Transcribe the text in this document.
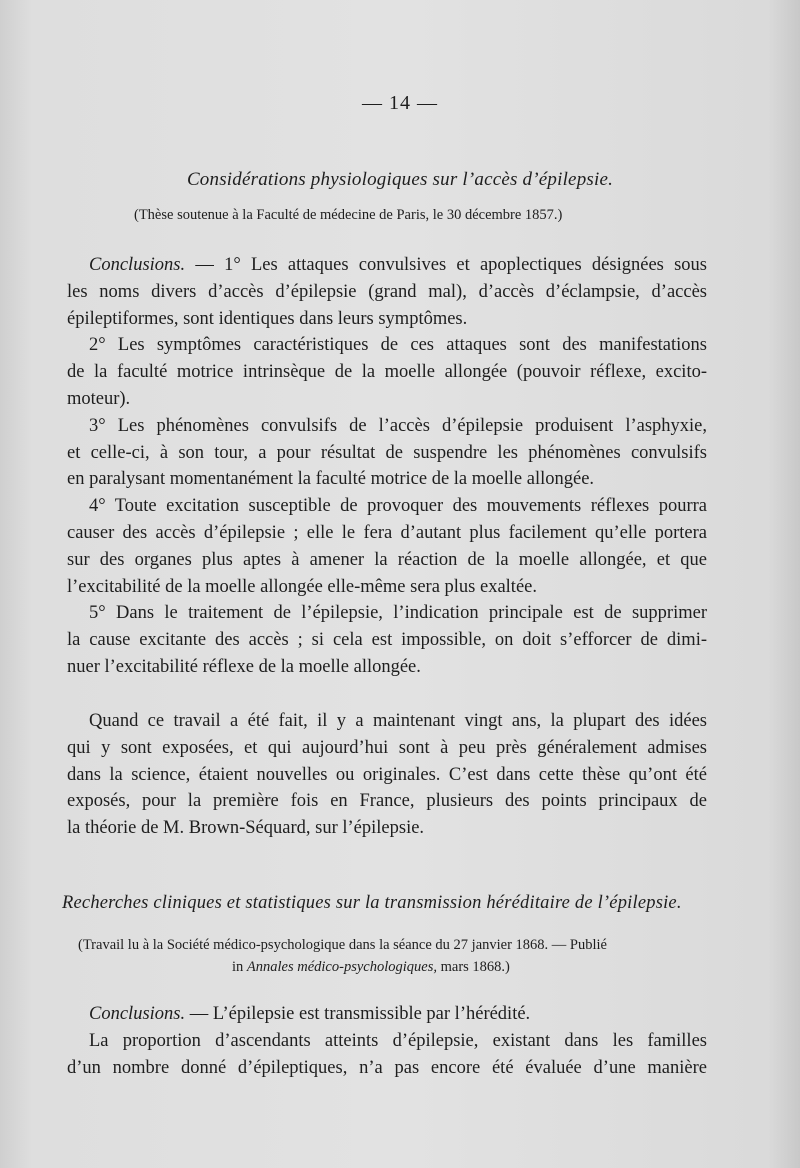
— 14 —
Considérations physiologiques sur l’accès d’épilepsie.
(Thèse soutenue à la Faculté de médecine de Paris, le 30 décembre 1857.)
Conclusions. — 1° Les attaques convulsives et apoplectiques désignées sous
les noms divers d’accès d’épilepsie (grand mal), d’accès d’éclampsie, d’accès
épileptiformes, sont identiques dans leurs symptômes.
2° Les symptômes caractéristiques de ces attaques sont des manifestations
de la faculté motrice intrinsèque de la moelle allongée (pouvoir réflexe, excito-
moteur).
3° Les phénomènes convulsifs de l’accès d’épilepsie produisent l’asphyxie,
et celle-ci, à son tour, a pour résultat de suspendre les phénomènes convulsifs
en paralysant momentanément la faculté motrice de la moelle allongée.
4° Toute excitation susceptible de provoquer des mouvements réflexes pourra
causer des accès d’épilepsie ; elle le fera d’autant plus facilement qu’elle portera
sur des organes plus aptes à amener la réaction de la moelle allongée, et que
l’excitabilité de la moelle allongée elle-même sera plus exaltée.
5° Dans le traitement de l’épilepsie, l’indication principale est de supprimer
la cause excitante des accès ; si cela est impossible, on doit s’efforcer de dimi-
nuer l’excitabilité réflexe de la moelle allongée.
Quand ce travail a été fait, il y a maintenant vingt ans, la plupart des idées
qui y sont exposées, et qui aujourd’hui sont à peu près généralement admises
dans la science, étaient nouvelles ou originales. C’est dans cette thèse qu’ont été
exposés, pour la première fois en France, plusieurs des points principaux de
la théorie de M. Brown-Séquard, sur l’épilepsie.
Recherches cliniques et statistiques sur la transmission héréditaire de l’épilepsie.
(Travail lu à la Société médico-psychologique dans la séance du 27 janvier 1868. — Publié
in Annales médico-psychologiques, mars 1868.)
Conclusions. — L’épilepsie est transmissible par l’hérédité.
La proportion d’ascendants atteints d’épilepsie, existant dans les familles
d’un nombre donné d’épileptiques, n’a pas encore été évaluée d’une manière
